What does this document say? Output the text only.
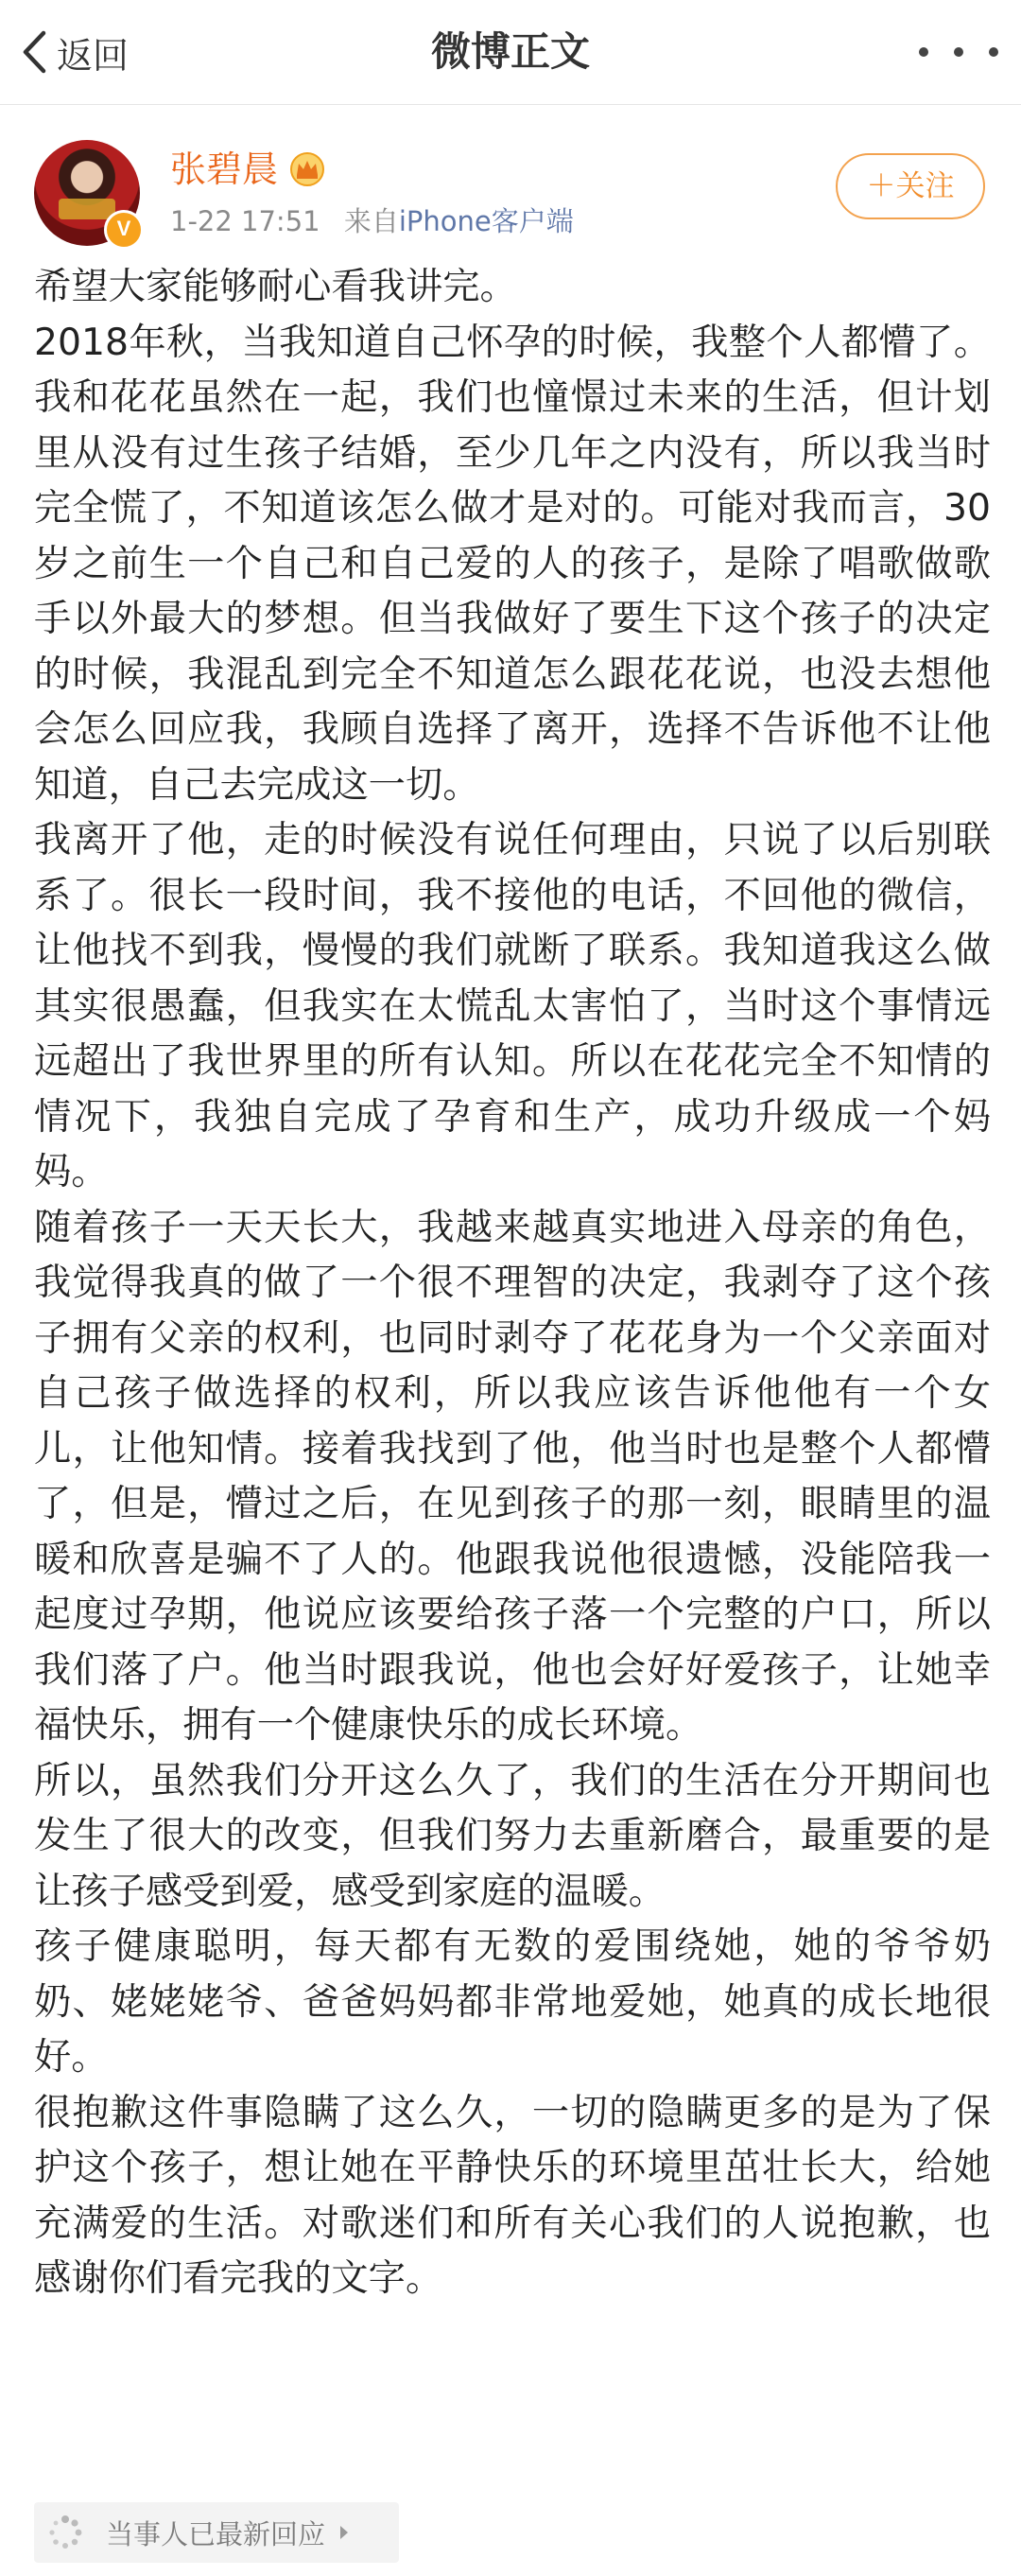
返回	微博正文
V
张碧晨
1-22 17:51 来自iPhone客户端
＋关注

希望大家能够耐心看我讲完。

2018年秋，当我知道自己怀孕的时候，我整个人都懵了。我和花花虽然在一起，我们也憧憬过未来的生活，但计划里从没有过生孩子结婚，至少几年之内没有，所以我当时完全慌了，不知道该怎么做才是对的。可能对我而言，30岁之前生一个自己和自己爱的人的孩子，是除了唱歌做歌手以外最大的梦想。但当我做好了要生下这个孩子的决定的时候，我混乱到完全不知道怎么跟花花说，也没去想他会怎么回应我，我顾自选择了离开，选择不告诉他不让他知道，自己去完成这一切。

我离开了他，走的时候没有说任何理由，只说了以后别联系了。很长一段时间，我不接他的电话，不回他的微信，让他找不到我，慢慢的我们就断了联系。我知道我这么做其实很愚蠢，但我实在太慌乱太害怕了，当时这个事情远远超出了我世界里的所有认知。所以在花花完全不知情的情况下，我独自完成了孕育和生产，成功升级成一个妈妈。

随着孩子一天天长大，我越来越真实地进入母亲的角色，我觉得我真的做了一个很不理智的决定，我剥夺了这个孩子拥有父亲的权利，也同时剥夺了花花身为一个父亲面对自己孩子做选择的权利，所以我应该告诉他他有一个女儿，让他知情。接着我找到了他，他当时也是整个人都懵了，但是，懵过之后，在见到孩子的那一刻，眼睛里的温暖和欣喜是骗不了人的。他跟我说他很遗憾，没能陪我一起度过孕期，他说应该要给孩子落一个完整的户口，所以我们落了户。他当时跟我说，他也会好好爱孩子，让她幸福快乐，拥有一个健康快乐的成长环境。

所以，虽然我们分开这么久了，我们的生活在分开期间也发生了很大的改变，但我们努力去重新磨合，最重要的是让孩子感受到爱，感受到家庭的温暖。

孩子健康聪明，每天都有无数的爱围绕她，她的爷爷奶奶、姥姥姥爷、爸爸妈妈都非常地爱她，她真的成长地很好。

很抱歉这件事隐瞒了这么久，一切的隐瞒更多的是为了保护这个孩子，想让她在平静快乐的环境里茁壮长大，给她充满爱的生活。对歌迷们和所有关心我们的人说抱歉，也感谢你们看完我的文字。

当事人已最新回应
